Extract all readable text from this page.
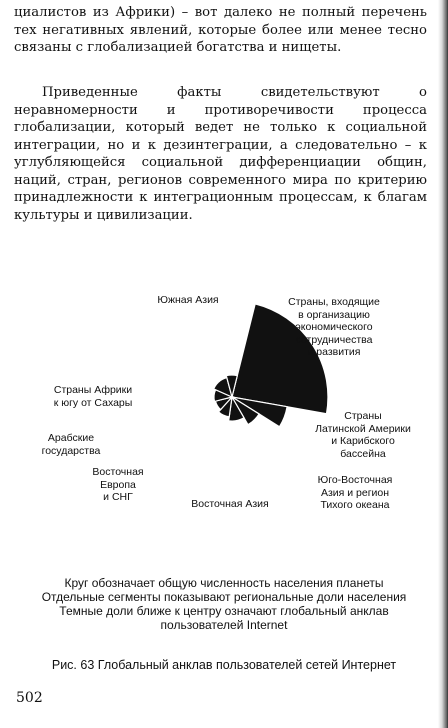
циалистов из Африки) – вот далеко не полный перечень тех негативных явлений, которые более или менее тесно связаны с глобализацией богатства и нищеты.

Приведенные факты свидетельствуют о неравномерности и противоречивости процесса глобализации, который ведет не только к социальной интеграции, но и к дезинтеграции, а следовательно – к углубляющейся социальной дифференциации общин, наций, стран, регионов современного мира по критерию принадлежности к интеграционным процессам, к благам культуры и цивилизации.

Южная Азия	Страны, входящие
в организацию
экономического
сотрудничества
и развития
Страны Африки
к югу от Сахары
Страны
Латинской Америки
и Карибского
бассейна
Арабские
государства
Восточная
Европа
и СНГ
Восточная Азия
Юго-Восточная
Азия и регион
Тихого океана
Круг обозначает общую численность населения планеты
Отдельные сегменты показывают региональные доли населения
Темные доли ближе к центру означают глобальный анклав
пользователей Internet
Рис. 63 Глобальный анклав пользователей сетей Интернет
502
